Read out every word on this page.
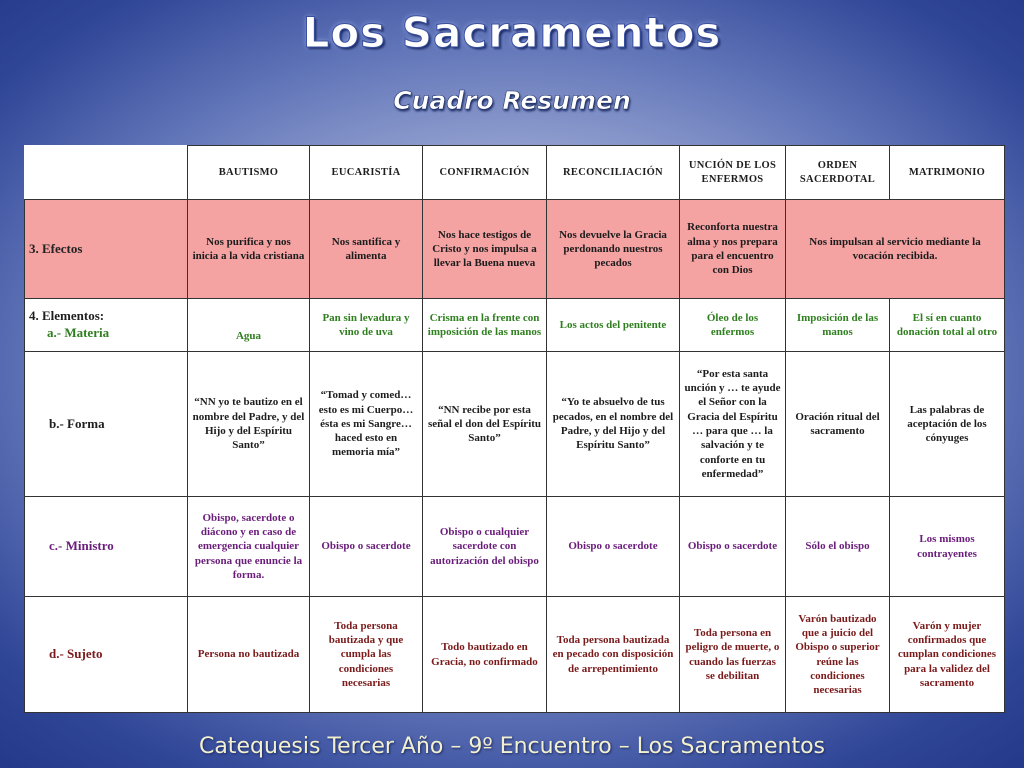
Los Sacramentos
Cuadro Resumen
	BAUTISMO	EUCARISTÍA	CONFIRMACIÓN	RECONCILIACIÓN	UNCIÓN DE LOS ENFERMOS	ORDEN SACERDOTAL	MATRIMONIO
3. Efectos	Nos purifica y nos inicia a la vida cristiana	Nos santifica y alimenta	Nos hace testigos de Cristo y nos impulsa a llevar la Buena nueva	Nos devuelve la Gracia perdonando nuestros pecados	Reconforta nuestra alma y nos prepara para el encuentro con Dios	Nos impulsan al servicio mediante la vocación recibida.	
4. Elementos:
a.- Materia	Agua	Pan sin levadura y vino de uva	Crisma en la frente con imposición de las manos	Los actos del penitente	Óleo de los enfermos	Imposición de las manos	El sí en cuanto donación total al otro

b.- Forma	“NN yo te bautizo en el nombre del Padre, y del Hijo y del Espíritu Santo”	“Tomad y comed… esto es mi Cuerpo… ésta es mi Sangre… haced esto en memoria mía”	“NN recibe por esta señal el don del Espíritu Santo”	“Yo te absuelvo de tus pecados, en el nombre del Padre, y del Hijo y del Espíritu Santo”	“Por esta santa unción y … te ayude el Señor con la Gracia del Espíritu … para que … la salvación y te conforte en tu enfermedad”	Oración ritual del sacramento	Las palabras de aceptación de los cónyuges

c.- Ministro	Obispo, sacerdote o diácono y en caso de emergencia cualquier persona que enuncie la forma.	Obispo o sacerdote	Obispo o cualquier sacerdote con autorización del obispo	Obispo o sacerdote	Obispo o sacerdote	Sólo el obispo	Los mismos contrayentes

d.- Sujeto	Persona no bautizada	Toda persona bautizada y que cumpla las condiciones necesarias	Todo bautizado en Gracia, no confirmado	Toda persona bautizada en pecado con disposición de arrepentimiento	Toda persona en peligro de muerte, o cuando las fuerzas se debilitan	Varón bautizado que a juicio del Obispo o superior reúne las condiciones necesarias	Varón y mujer confirmados que cumplan condiciones para la validez del sacramento
Catequesis Tercer Año – 9º Encuentro – Los Sacramentos
